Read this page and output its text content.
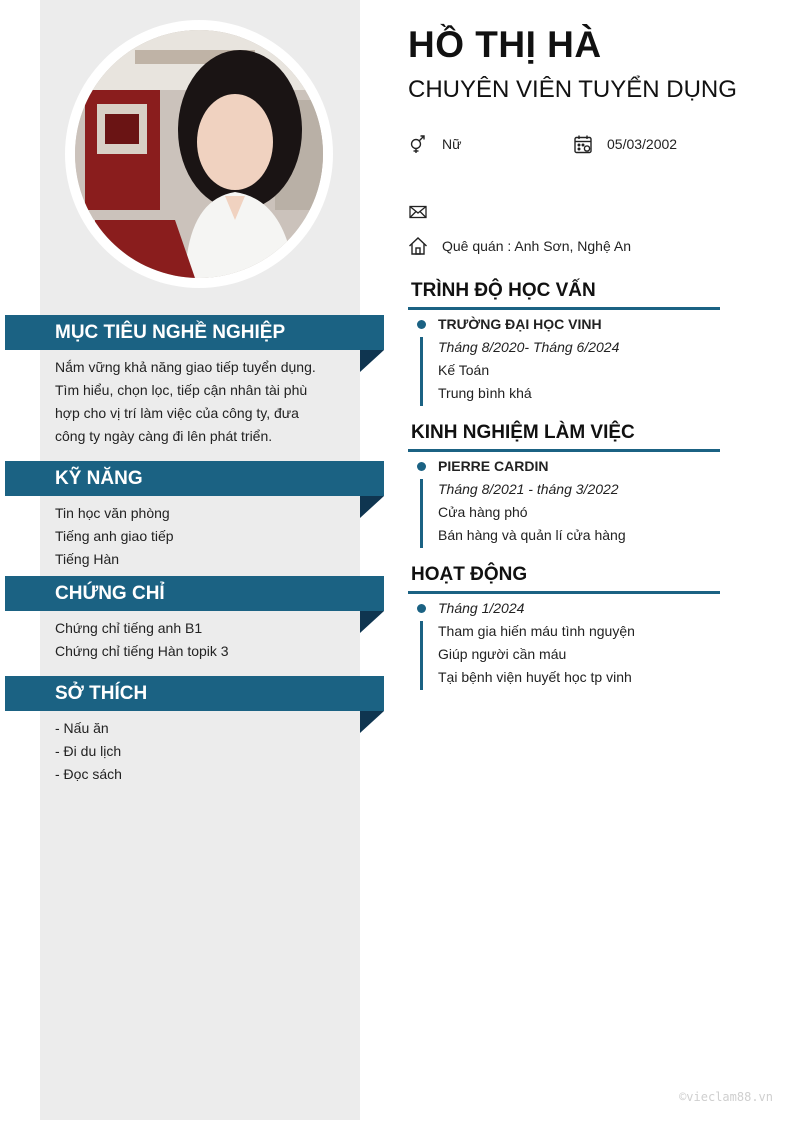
MỤC TIÊU NGHỀ NGHIỆP
Nắm vững khả năng giao tiếp tuyển dụng.
Tìm hiểu, chọn lọc, tiếp cận nhân tài phù
hợp cho vị trí làm việc của công ty, đưa
công ty ngày càng đi lên phát triển.
KỸ NĂNG
Tin học văn phòng
Tiếng anh giao tiếp
Tiếng Hàn
CHỨNG CHỈ
Chứng chỉ tiếng anh B1
Chứng chỉ tiếng Hàn topik 3
SỞ THÍCH
- Nấu ăn
- Đi du lịch
- Đọc sách
HỒ THỊ HÀ
CHUYÊN VIÊN TUYỂN DỤNG
Nữ	05/03/2002
Quê quán : Anh Sơn, Nghệ An
TRÌNH ĐỘ HỌC VẤN
TRƯỜNG ĐẠI HỌC VINH
Tháng 8/2020- Tháng 6/2024
Kế Toán
Trung bình khá
KINH NGHIỆM LÀM VIỆC
PIERRE CARDIN
Tháng 8/2021 - tháng 3/2022
Cửa hàng phó
Bán hàng và quản lí cửa hàng
HOẠT ĐỘNG
Tháng 1/2024
Tham gia hiến máu tình nguyện
Giúp người cần máu
Tại bệnh viện huyết học tp vinh
©vieclam88.vn
